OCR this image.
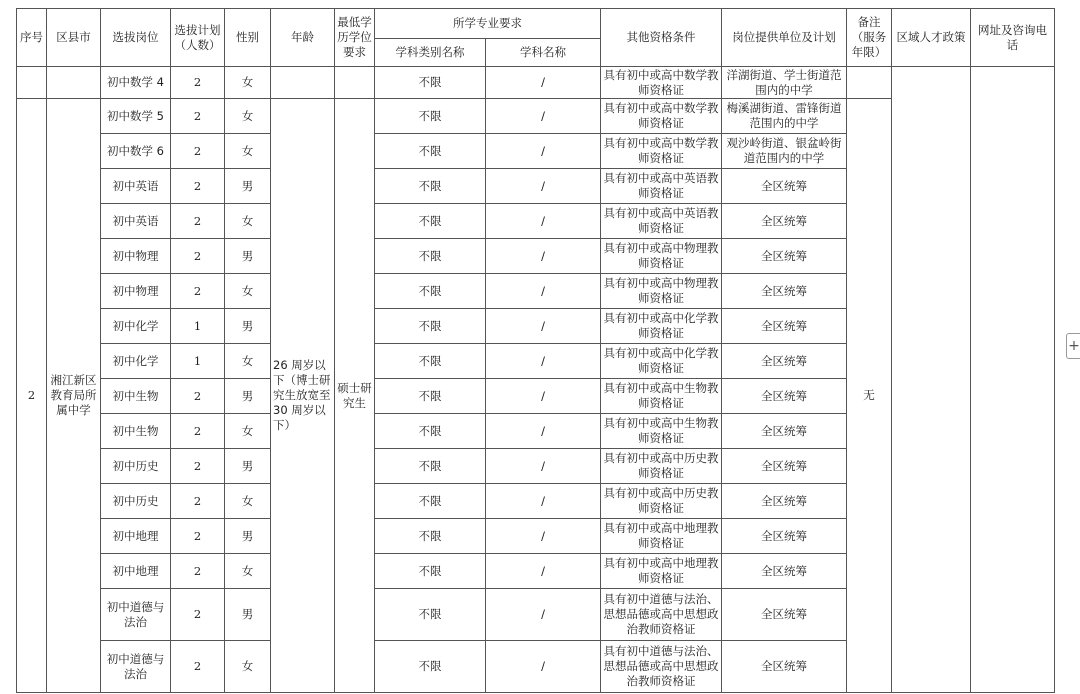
序号	区县市	选拔岗位	选拔计划（人数）	性别	年龄	最低学历学位要求	所学专业要求		其他资格条件	岗位提供单位及计划	备注（服务年限）	区域人才政策	网址及咨询电话
							学科类别名称	学科名称					
		初中数学 4	2	女			不限	/	具有初中或高中数学教师资格证	洋湖街道、学士街道范围内的中学			
2	湘江新区教育局所属中学	初中数学 5	2	女	26 周岁以下（博士研究生放宽至 30 周岁以下）	硕士研究生	不限	/	具有初中或高中数学教师资格证	梅溪湖街道、雷锋街道范围内的中学	无		
		初中数学 6	2	女			不限	/	具有初中或高中数学教师资格证	观沙岭街道、银盆岭街道范围内的中学			
		初中英语	2	男			不限	/	具有初中或高中英语教师资格证	全区统筹			
		初中英语	2	女			不限	/	具有初中或高中英语教师资格证	全区统筹			
		初中物理	2	男			不限	/	具有初中或高中物理教师资格证	全区统筹			
		初中物理	2	女			不限	/	具有初中或高中物理教师资格证	全区统筹			
		初中化学	1	男			不限	/	具有初中或高中化学教师资格证	全区统筹			
		初中化学	1	女			不限	/	具有初中或高中化学教师资格证	全区统筹			
		初中生物	2	男			不限	/	具有初中或高中生物教师资格证	全区统筹			
		初中生物	2	女			不限	/	具有初中或高中生物教师资格证	全区统筹			
		初中历史	2	男			不限	/	具有初中或高中历史教师资格证	全区统筹			
		初中历史	2	女			不限	/	具有初中或高中历史教师资格证	全区统筹			
		初中地理	2	男			不限	/	具有初中或高中地理教师资格证	全区统筹			
		初中地理	2	女			不限	/	具有初中或高中地理教师资格证	全区统筹			
		初中道德与法治	2	男			不限	/	具有初中道德与法治、思想品德或高中思想政治教师资格证	全区统筹			
		初中道德与法治	2	女			不限	/	具有初中道德与法治、思想品德或高中思想政治教师资格证	全区统筹			
+
